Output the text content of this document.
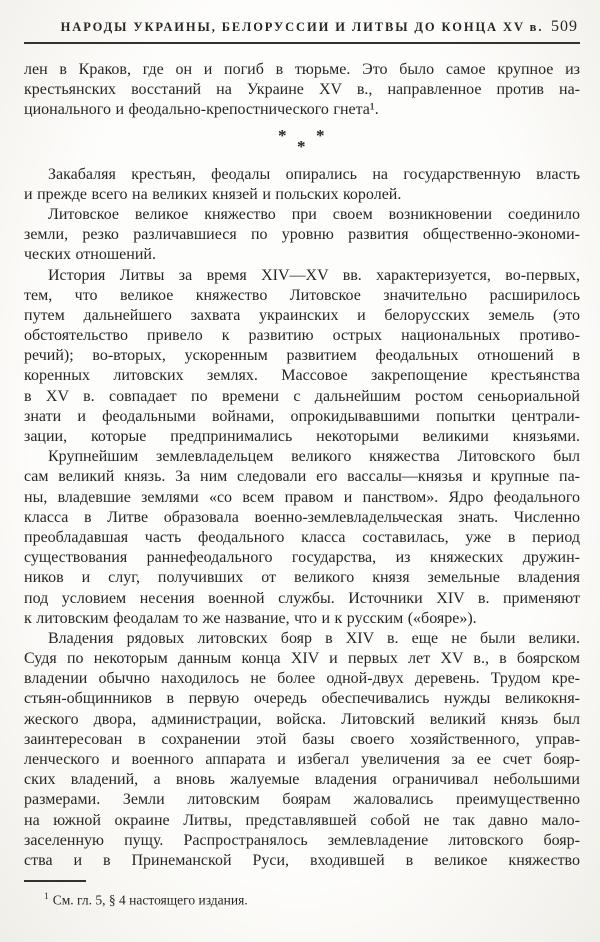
НАРОДЫ УКРАИНЫ, БЕЛОРУССИИ И ЛИТВЫ ДО КОНЦА XV в. 509
лен в Краков, где он и погиб в тюрьме. Это было самое крупное из
крестьянских восстаний на Украине XV в., направленное против на-
ционального и феодально-крепостнического гнета¹.
* *
*
Закабаляя крестьян, феодалы опирались на государственную власть
и прежде всего на великих князей и польских королей.
Литовское великое княжество при своем возникновении соединило
земли, резко различавшиеся по уровню развития общественно-экономи-
ческих отношений.
История Литвы за время XIV—XV вв. характеризуется, во-первых,
тем, что великое княжество Литовское значительно расширилось
путем дальнейшего захвата украинских и белорусских земель (это
обстоятельство привело к развитию острых национальных противо-
речий); во-вторых, ускоренным развитием феодальных отношений в
коренных литовских землях. Массовое закрепощение крестьянства
в XV в. совпадает по времени с дальнейшим ростом сеньориальной
знати и феодальными войнами, опрокидывавшими попытки централи-
зации, которые предпринимались некоторыми великими князьями.
Крупнейшим землевладельцем великого княжества Литовского был
сам великий князь. За ним следовали его вассалы—князья и крупные па-
ны, владевшие землями «со всем правом и панством». Ядро феодального
класса в Литве образовала военно-землевладельческая знать. Численно
преобладавшая часть феодального класса составилась, уже в период
существования раннефеодального государства, из княжеских дружин-
ников и слуг, получивших от великого князя земельные владения
под условием несения военной службы. Источники XIV в. применяют
к литовским феодалам то же название, что и к русским («бояре»).
Владения рядовых литовских бояр в XIV в. еще не были велики.
Судя по некоторым данным конца XIV и первых лет XV в., в боярском
владении обычно находилось не более одной-двух деревень. Трудом кре-
стьян-общинников в первую очередь обеспечивались нужды великокня-
жеского двора, администрации, войска. Литовский великий князь был
заинтересован в сохранении этой базы своего хозяйственного, управ-
ленческого и военного аппарата и избегал увеличения за ее счет бояр-
ских владений, а вновь жалуемые владения ограничивал небольшими
размерами. Земли литовским боярам жаловались преимущественно
на южной окраине Литвы, представлявшей собой не так давно мало-
заселенную пущу. Распространялось землевладение литовского бояр-
ства и в Принеманской Руси, входившей в великое княжество
$^1$ См. гл. 5, § 4 настоящего издания.
